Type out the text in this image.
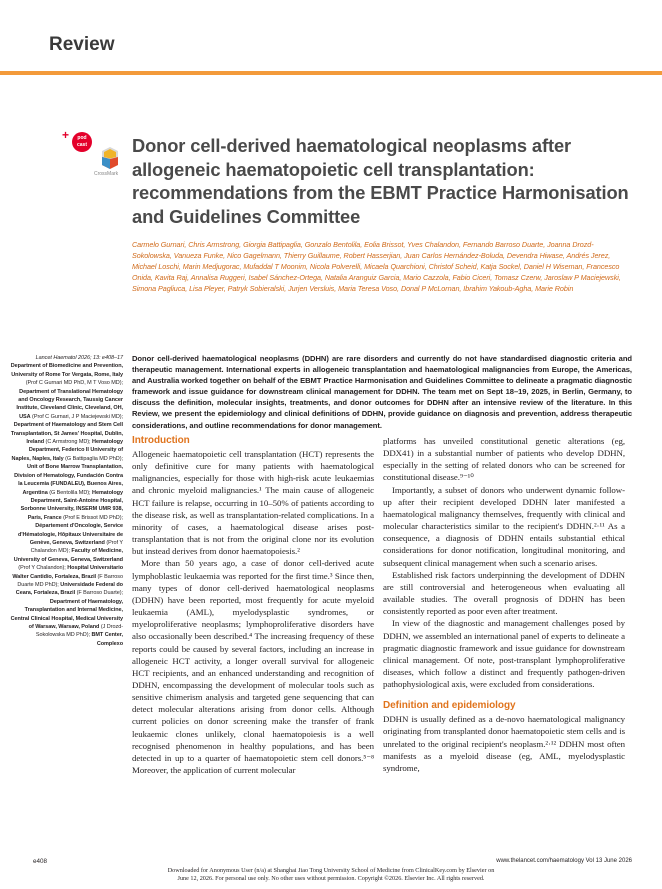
Review
+	pod
cast
CrossMark
Donor cell-derived haematological neoplasms after allogeneic haematopoietic cell transplantation: recommendations from the EBMT Practice Harmonisation and Guidelines Committee
Carmelo Gurnari, Chris Armstrong, Giorgia Battipaglia, Gonzalo Bentolila, Eolia Brissot, Yves Chalandon, Fernando Barroso Duarte, Joanna Drozd-Sokolowska, Vanueza Funke, Nico Gagelmann, Thierry Guillaume, Robert Hasserjian, Juan Carlos Hernández-Boluda, Devendra Hiwase, Andrés Jerez, Michael Loschi, Marin Medjugorac, Mufaddal T Moonim, Nicola Polverelli, Micaela Quarchioni, Christof Scheid, Katja Sockel, Daniel H Wiseman, Francesco Onida, Kavita Raj, Annalisa Ruggeri, Isabel Sánchez-Ortega, Natalia Aranguiz Garcia, Mario Cazzola, Fabio Ciceri, Tomasz Czerw, Jaroslaw P Maciejewski, Simona Pagliuca, Lisa Pleyer, Patryk Sobieralski, Jurjen Versluis, Maria Teresa Voso, Donal P McLornan, Ibrahim Yakoub-Agha, Marie Robin
Lancet Haematol 2026; 13: e408–17
Department of Biomedicine and Prevention, University of Rome Tor Vergata, Rome, Italy (Prof C Gurnari MD PhD, M T Voso MD); Department of Translational Hematology and Oncology Research, Taussig Cancer Institute, Cleveland Clinic, Cleveland, OH, USA (Prof C Gurnari, J P Maciejewski MD); Department of Haematology and Stem Cell Transplantation, St James' Hospital, Dublin, Ireland (C Armstrong MD); Hematology Department, Federico II University of Naples, Naples, Italy (G Battipaglia MD PhD); Unit of Bone Marrow Transplantation, Division of Hematology, Fundación Contra la Leucemia (FUNDALEU), Buenos Aires, Argentina (G Bentolila MD); Hematology Department, Saint-Antoine Hospital, Sorbonne University, INSERM UMR 938, Paris, France (Prof E Brissot MD PhD); Département d'Oncologie, Service d'Hématologie, Hôpitaux Universitaire de Genève, Geneva, Switzerland (Prof Y Chalandon MD); Faculty of Medicine, University of Geneva, Geneva, Switzerland (Prof Y Chalandon); Hospital Universitario Walter Cantidio, Fortaleza, Brazil (F Barroso Duarte MD PhD); Universidade Federal do Ceara, Fortaleza, Brazil (F Barroso Duarte); Department of Haematology, Transplantation and Internal Medicine, Central Clinical Hospital, Medical University of Warsaw, Warsaw, Poland (J Drozd-Sokolowska MD PhD); BMT Center, Complexo
Donor cell-derived haematological neoplasms (DDHN) are rare disorders and currently do not have standardised diagnostic criteria and therapeutic management. International experts in allogeneic transplantation and haematological malignancies from Europe, the Americas, and Australia worked together on behalf of the EBMT Practice Harmonisation and Guidelines Committee to delineate a pragmatic diagnostic framework and issue guidance for downstream clinical management for DDHN. The team met on Sept 18–19, 2025, in Berlin, Germany, to discuss the definition, molecular insights, treatments, and donor outcomes for DDHN after an intensive review of the literature. In this Review, we present the epidemiology and clinical definitions of DDHN, provide guidance on diagnosis and prevention, address therapeutic considerations, and outline recommendations for donor management.
Introduction

Allogeneic haematopoietic cell transplantation (HCT) represents the only definitive cure for many patients with haematological malignancies, especially for those with high-risk acute leukaemias and chronic myeloid malignancies.¹ The main cause of allogeneic HCT failure is relapse, occurring in 10–50% of patients according to the disease risk, as well as transplantation-related complications. In a minority of cases, a haematological disease arises post-transplantation that is not from the original clone nor its evolution but instead derives from donor haematopoiesis.²

More than 50 years ago, a case of donor cell-derived acute lymphoblastic leukaemia was reported for the first time.³ Since then, many types of donor cell-derived haematological neoplasms (DDHN) have been reported, most frequently for acute myeloid leukaemia (AML), myelodysplastic syndromes, or myeloproliferative neoplasms; lymphoproliferative disorders have also occasionally been described.⁴ The increasing frequency of these reports could be caused by several factors, including an increase in allogeneic HCT activity, a longer overall survival for allogeneic HCT recipients, and an enhanced understanding and recognition of DDHN, encompassing the development of molecular tools such as sensitive chimerism analysis and targeted gene sequencing that can detect molecular alterations arising from donor cells. Although current policies on donor screening make the transfer of frank leukaemic clones unlikely, clonal haematopoiesis is a well recognised phenomenon in healthy populations, and has been detected in up to a quarter of haematopoietic stem cell donors.⁵⁻⁸ Moreover, the application of current molecular

platforms has unveiled constitutional genetic alterations (eg, DDX41) in a substantial number of patients who develop DDHN, especially in the setting of related donors who can be screened for constitutional disease.⁹⁻¹⁰

Importantly, a subset of donors who underwent dynamic follow-up after their recipient developed DDHN later manifested a haematological malignancy themselves, frequently with clinical and molecular characteristics similar to the recipient's DDHN.²·¹¹ As a consequence, a diagnosis of DDHN entails substantial ethical considerations for donor notification, longitudinal monitoring, and subsequent clinical management when such a scenario arises.

Established risk factors underpinning the development of DDHN are still controversial and heterogeneous when evaluating all available studies. The overall prognosis of DDHN has been consistently reported as poor even after treatment.

In view of the diagnostic and management challenges posed by DDHN, we assembled an international panel of experts to delineate a pragmatic diagnostic framework and issue guidance for downstream clinical management. Of note, post-transplant lymphoproliferative diseases, which follow a distinct and frequently pathogen-driven pathophysiological axis, were excluded from considerations.

Definition and epidemiology

DDHN is usually defined as a de-novo haematological malignancy originating from transplanted donor haematopoietic stem cells and is unrelated to the original recipient's neoplasm.²·¹² DDHN most often manifests as a myeloid disease (eg, AML, myelodysplastic syndrome,

e408	www.thelancet.com/haematology Vol 13 June 2026
Downloaded for Anonymous User (n/a) at Shanghai Jiao Tong University School of Medicine from ClinicalKey.com by Elsevier on
June 12, 2026. For personal use only. No other uses without permission. Copyright ©2026. Elsevier Inc. All rights reserved.
